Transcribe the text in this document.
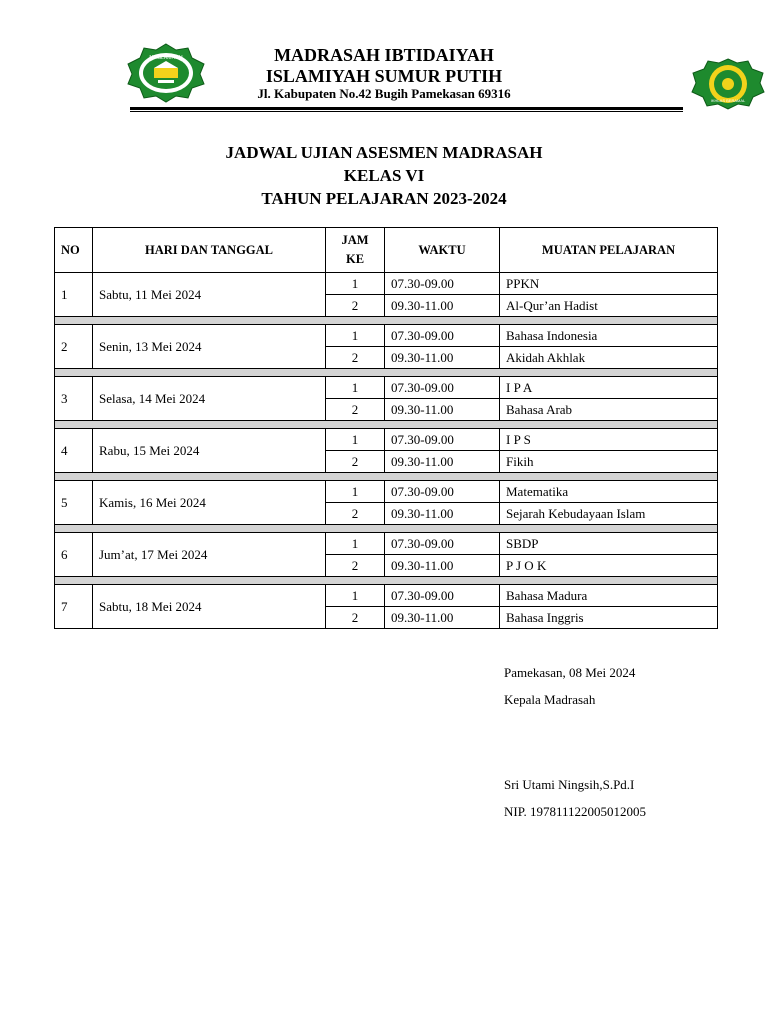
MI ISLAMIYAH
IKHLAS BERAMAL
MADRASAH IBTIDAIYAH
ISLAMIYAH SUMUR PUTIH
Jl. Kabupaten No.42 Bugih Pamekasan 69316
JADWAL UJIAN ASESMEN MADRASAH
KELAS VI
TAHUN PELAJARAN 2023-2024
NO	HARI DAN TANGGAL	JAM KE	WAKTU	MUATAN PELAJARAN
1	Sabtu, 11 Mei 2024	1	07.30-09.00	PPKN
		2	09.30-11.00	Al-Qur’an Hadist

2	Senin, 13 Mei 2024	1	07.30-09.00	Bahasa Indonesia
		2	09.30-11.00	Akidah Akhlak

3	Selasa, 14 Mei 2024	1	07.30-09.00	I P A
		2	09.30-11.00	Bahasa Arab

4	Rabu, 15 Mei 2024	1	07.30-09.00	I P S
		2	09.30-11.00	Fikih

5	Kamis, 16 Mei 2024	1	07.30-09.00	Matematika
		2	09.30-11.00	Sejarah Kebudayaan Islam

6	Jum’at, 17 Mei 2024	1	07.30-09.00	SBDP
		2	09.30-11.00	P J O K

7	Sabtu, 18 Mei 2024	1	07.30-09.00	Bahasa Madura
		2	09.30-11.00	Bahasa Inggris
Pamekasan, 08 Mei 2024
Kepala Madrasah
Sri Utami Ningsih,S.Pd.I
NIP. 197811122005012005
